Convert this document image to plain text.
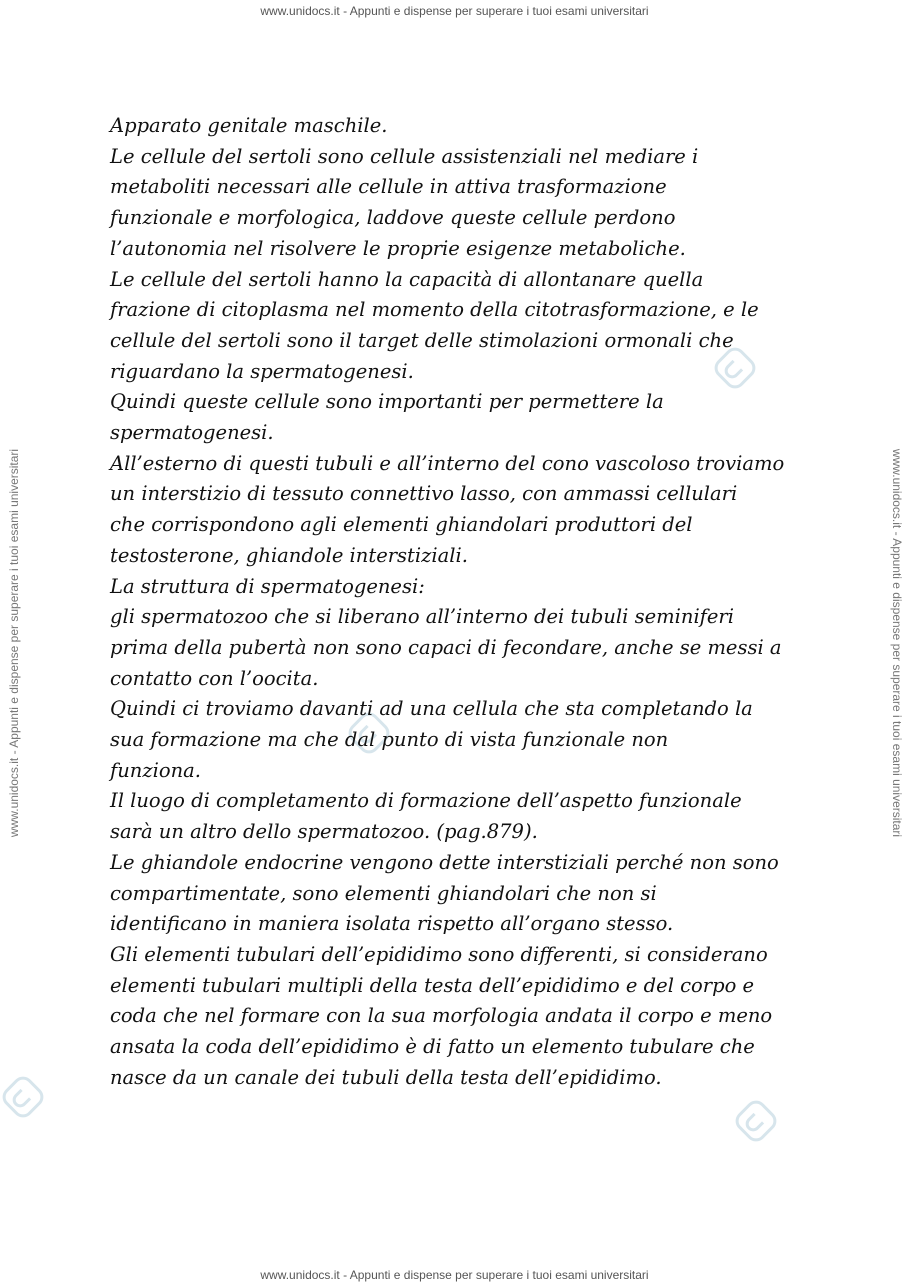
www.unidocs.it - Appunti e dispense per superare i tuoi esami universitari
www.unidocs.it - Appunti e dispense per superare i tuoi esami universitari	www.unidocs.it - Appunti e dispense per superare i tuoi esami universitari
Apparato genitale maschile.
Le cellule del sertoli sono cellule assistenziali nel mediare i
metaboliti necessari alle cellule in attiva trasformazione
funzionale e morfologica, laddove queste cellule perdono
l’autonomia nel risolvere le proprie esigenze metaboliche.
Le cellule del sertoli hanno la capacità di allontanare quella
frazione di citoplasma nel momento della citotrasformazione, e le
cellule del sertoli sono il target delle stimolazioni ormonali che
riguardano la spermatogenesi.
Quindi queste cellule sono importanti per permettere la
spermatogenesi.
All’esterno di questi tubuli e all’interno del cono vascoloso troviamo
un interstizio di tessuto connettivo lasso, con ammassi cellulari
che corrispondono agli elementi ghiandolari produttori del
testosterone, ghiandole interstiziali.
La struttura di spermatogenesi:
gli spermatozoo che si liberano all’interno dei tubuli seminiferi
prima della pubertà non sono capaci di fecondare, anche se messi a
contatto con l’oocita.
Quindi ci troviamo davanti ad una cellula che sta completando la
sua formazione ma che dal punto di vista funzionale non
funziona.
Il luogo di completamento di formazione dell’aspetto funzionale
sarà un altro dello spermatozoo. (pag.879).
Le ghiandole endocrine vengono dette interstiziali perché non sono
compartimentate, sono elementi ghiandolari che non si
identificano in maniera isolata rispetto all’organo stesso.
Gli elementi tubulari dell’epididimo sono differenti, si considerano
elementi tubulari multipli della testa dell’epididimo e del corpo e
coda che nel formare con la sua morfologia andata il corpo e meno
ansata la coda dell’epididimo è di fatto un elemento tubulare che
nasce da un canale dei tubuli della testa dell’epididimo.
www.unidocs.it - Appunti e dispense per superare i tuoi esami universitari
